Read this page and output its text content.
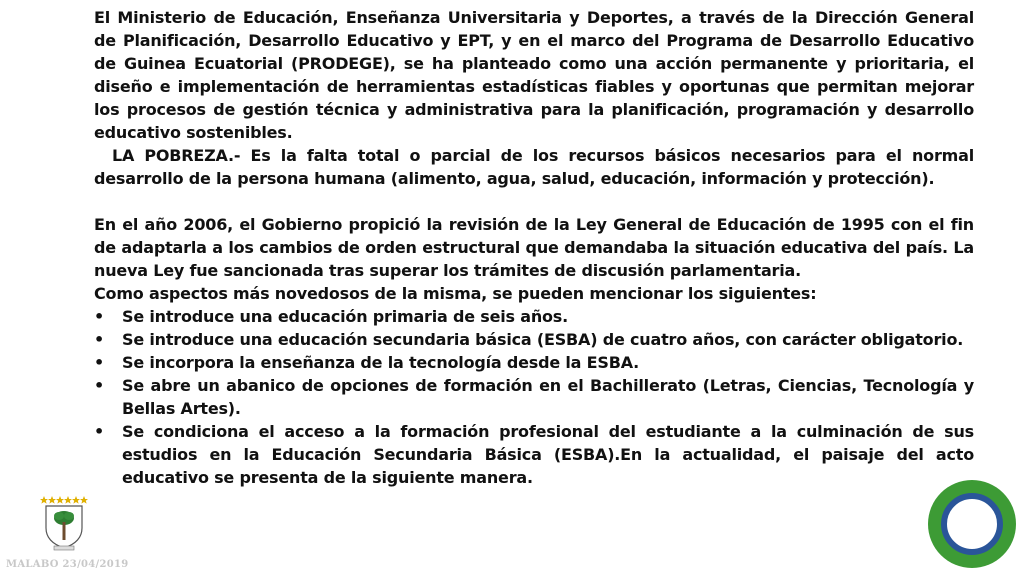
El Ministerio de Educación, Enseñanza Universitaria y Deportes, a través de la Dirección General de Planificación, Desarrollo Educativo y EPT, y en el marco del Programa de Desarrollo Educativo de Guinea Ecuatorial (PRODEGE), se ha planteado como una acción permanente y prioritaria, el diseño e implementación de herramientas estadísticas fiables y oportunas que permitan mejorar los procesos de gestión técnica y administrativa para la planificación, programación y desarrollo educativo sostenibles.

LA POBREZA.- Es la falta total o parcial de los recursos básicos necesarios para el normal desarrollo de la persona humana (alimento, agua, salud, educación, información y protección).

En el año 2006, el Gobierno propició la revisión de la Ley General de Educación de 1995 con el fin de adaptarla a los cambios de orden estructural que demandaba la situación educativa del país. La nueva Ley fue sancionada tras superar los trámites de discusión parlamentaria.

Como aspectos más novedosos de la misma, se pueden mencionar los siguientes:

• Se introduce una educación primaria de seis años.
• Se introduce una educación secundaria básica (ESBA) de cuatro años, con carácter obligatorio.
• Se incorpora la enseñanza de la tecnología desde la ESBA.
• Se abre un abanico de opciones de formación en el Bachillerato (Letras, Ciencias, Tecnología y Bellas Artes).
• Se condiciona el acceso a la formación profesional del estudiante a la culminación de sus estudios en la Educación Secundaria Básica (ESBA).En la actualidad, el paisaje del acto educativo se presenta de la siguiente manera.
MALABO 23/04/2019
